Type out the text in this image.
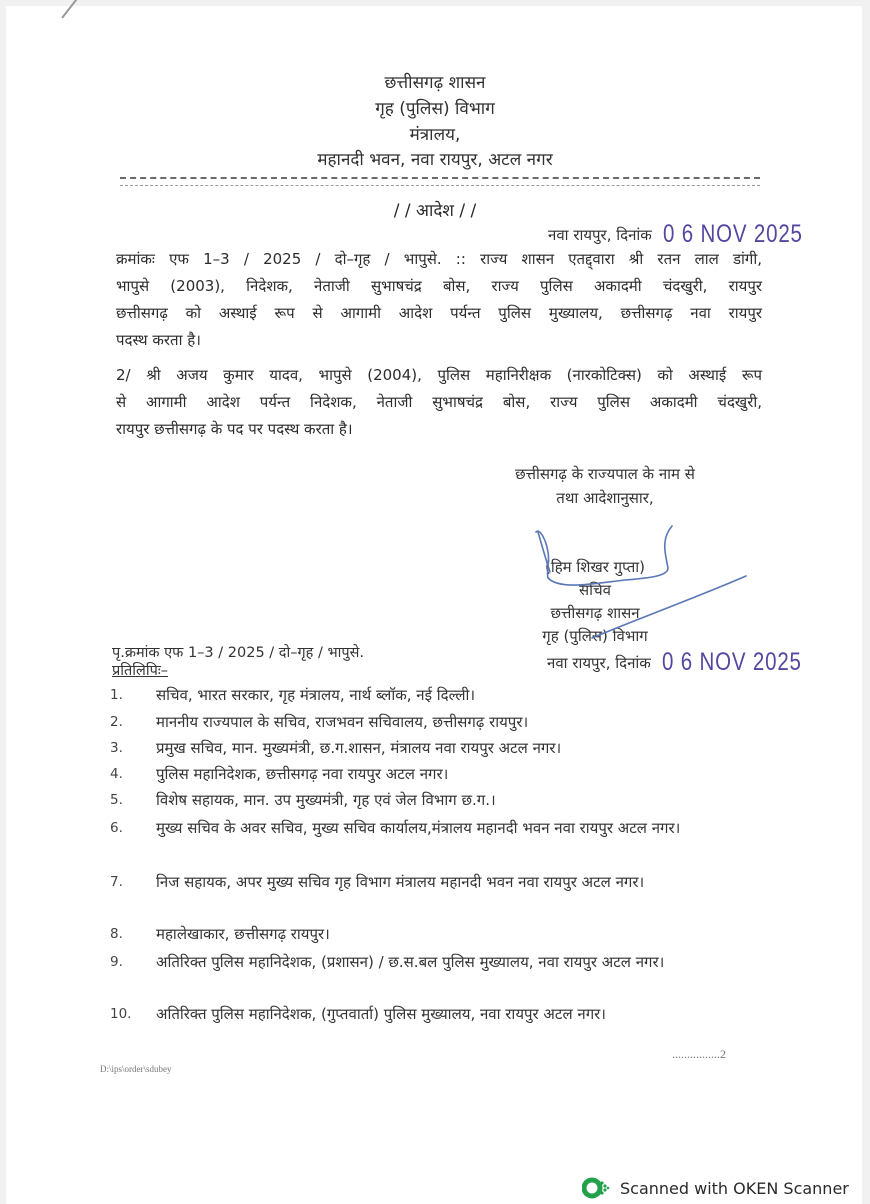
छत्तीसगढ़ शासन
गृह (पुलिस) विभाग
मंत्रालय,
महानदी भवन, नवा रायपुर, अटल नगर
/ / आदेश / /
नवा रायपुर, दिनांक 0 6 NOV 2025
क्रमांकः एफ 1–3 / 2025 / दो–गृह / भापुसे. :: राज्य शासन एतद्द्वारा श्री रतन लाल डांगी,
भापुसे (2003), निदेशक, नेताजी सुभाषचंद्र बोस, राज्य पुलिस अकादमी चंदखुरी, रायपुर
छत्तीसगढ़ को अस्थाई रूप से आगामी आदेश पर्यन्त पुलिस मुख्यालय, छत्तीसगढ़ नवा रायपुर
पदस्थ करता है।
2/ श्री अजय कुमार यादव, भापुसे (2004), पुलिस महानिरीक्षक (नारकोटिक्स) को अस्थाई रूप
से आगामी आदेश पर्यन्त निदेशक, नेताजी सुभाषचंद्र बोस, राज्य पुलिस अकादमी चंदखुरी,
रायपुर छत्तीसगढ़ के पद पर पदस्थ करता है।
छत्तीसगढ़ के राज्यपाल के नाम से
तथा आदेशानुसार,
(हिम शिखर गुप्ता)
सचिव
छत्तीसगढ़ शासन
गृह (पुलिस) विभाग
नवा रायपुर, दिनांक 0 6 NOV 2025
पृ.क्रमांक एफ 1–3 / 2025 / दो–गृह / भापुसे.
प्रतिलिपिः–
1.	सचिव, भारत सरकार, गृह मंत्रालय, नार्थ ब्लॉक, नई दिल्ली।
2.	माननीय राज्यपाल के सचिव, राजभवन सचिवालय, छत्तीसगढ़ रायपुर।
3.	प्रमुख सचिव, मान. मुख्यमंत्री, छ.ग.शासन, मंत्रालय नवा रायपुर अटल नगर।
4.	पुलिस महानिदेशक, छत्तीसगढ़ नवा रायपुर अटल नगर।
5.	विशेष सहायक, मान. उप मुख्यमंत्री, गृह एवं जेल विभाग छ.ग.।
6.	मुख्य सचिव के अवर सचिव, मुख्य सचिव कार्यालय,मंत्रालय महानदी भवन नवा रायपुर अटल नगर।
7.	निज सहायक, अपर मुख्य सचिव गृह विभाग मंत्रालय महानदी भवन नवा रायपुर अटल नगर।
8.	महालेखाकार, छत्तीसगढ़ रायपुर।
9.	अतिरिक्त पुलिस महानिदेशक, (प्रशासन) / छ.स.बल पुलिस मुख्यालय, नवा रायपुर अटल नगर।
10.	अतिरिक्त पुलिस महानिदेशक, (गुप्तवार्ता) पुलिस मुख्यालय, नवा रायपुर अटल नगर।
................2
D:\ips\order\sdubey
Scanned with OKEN Scanner
